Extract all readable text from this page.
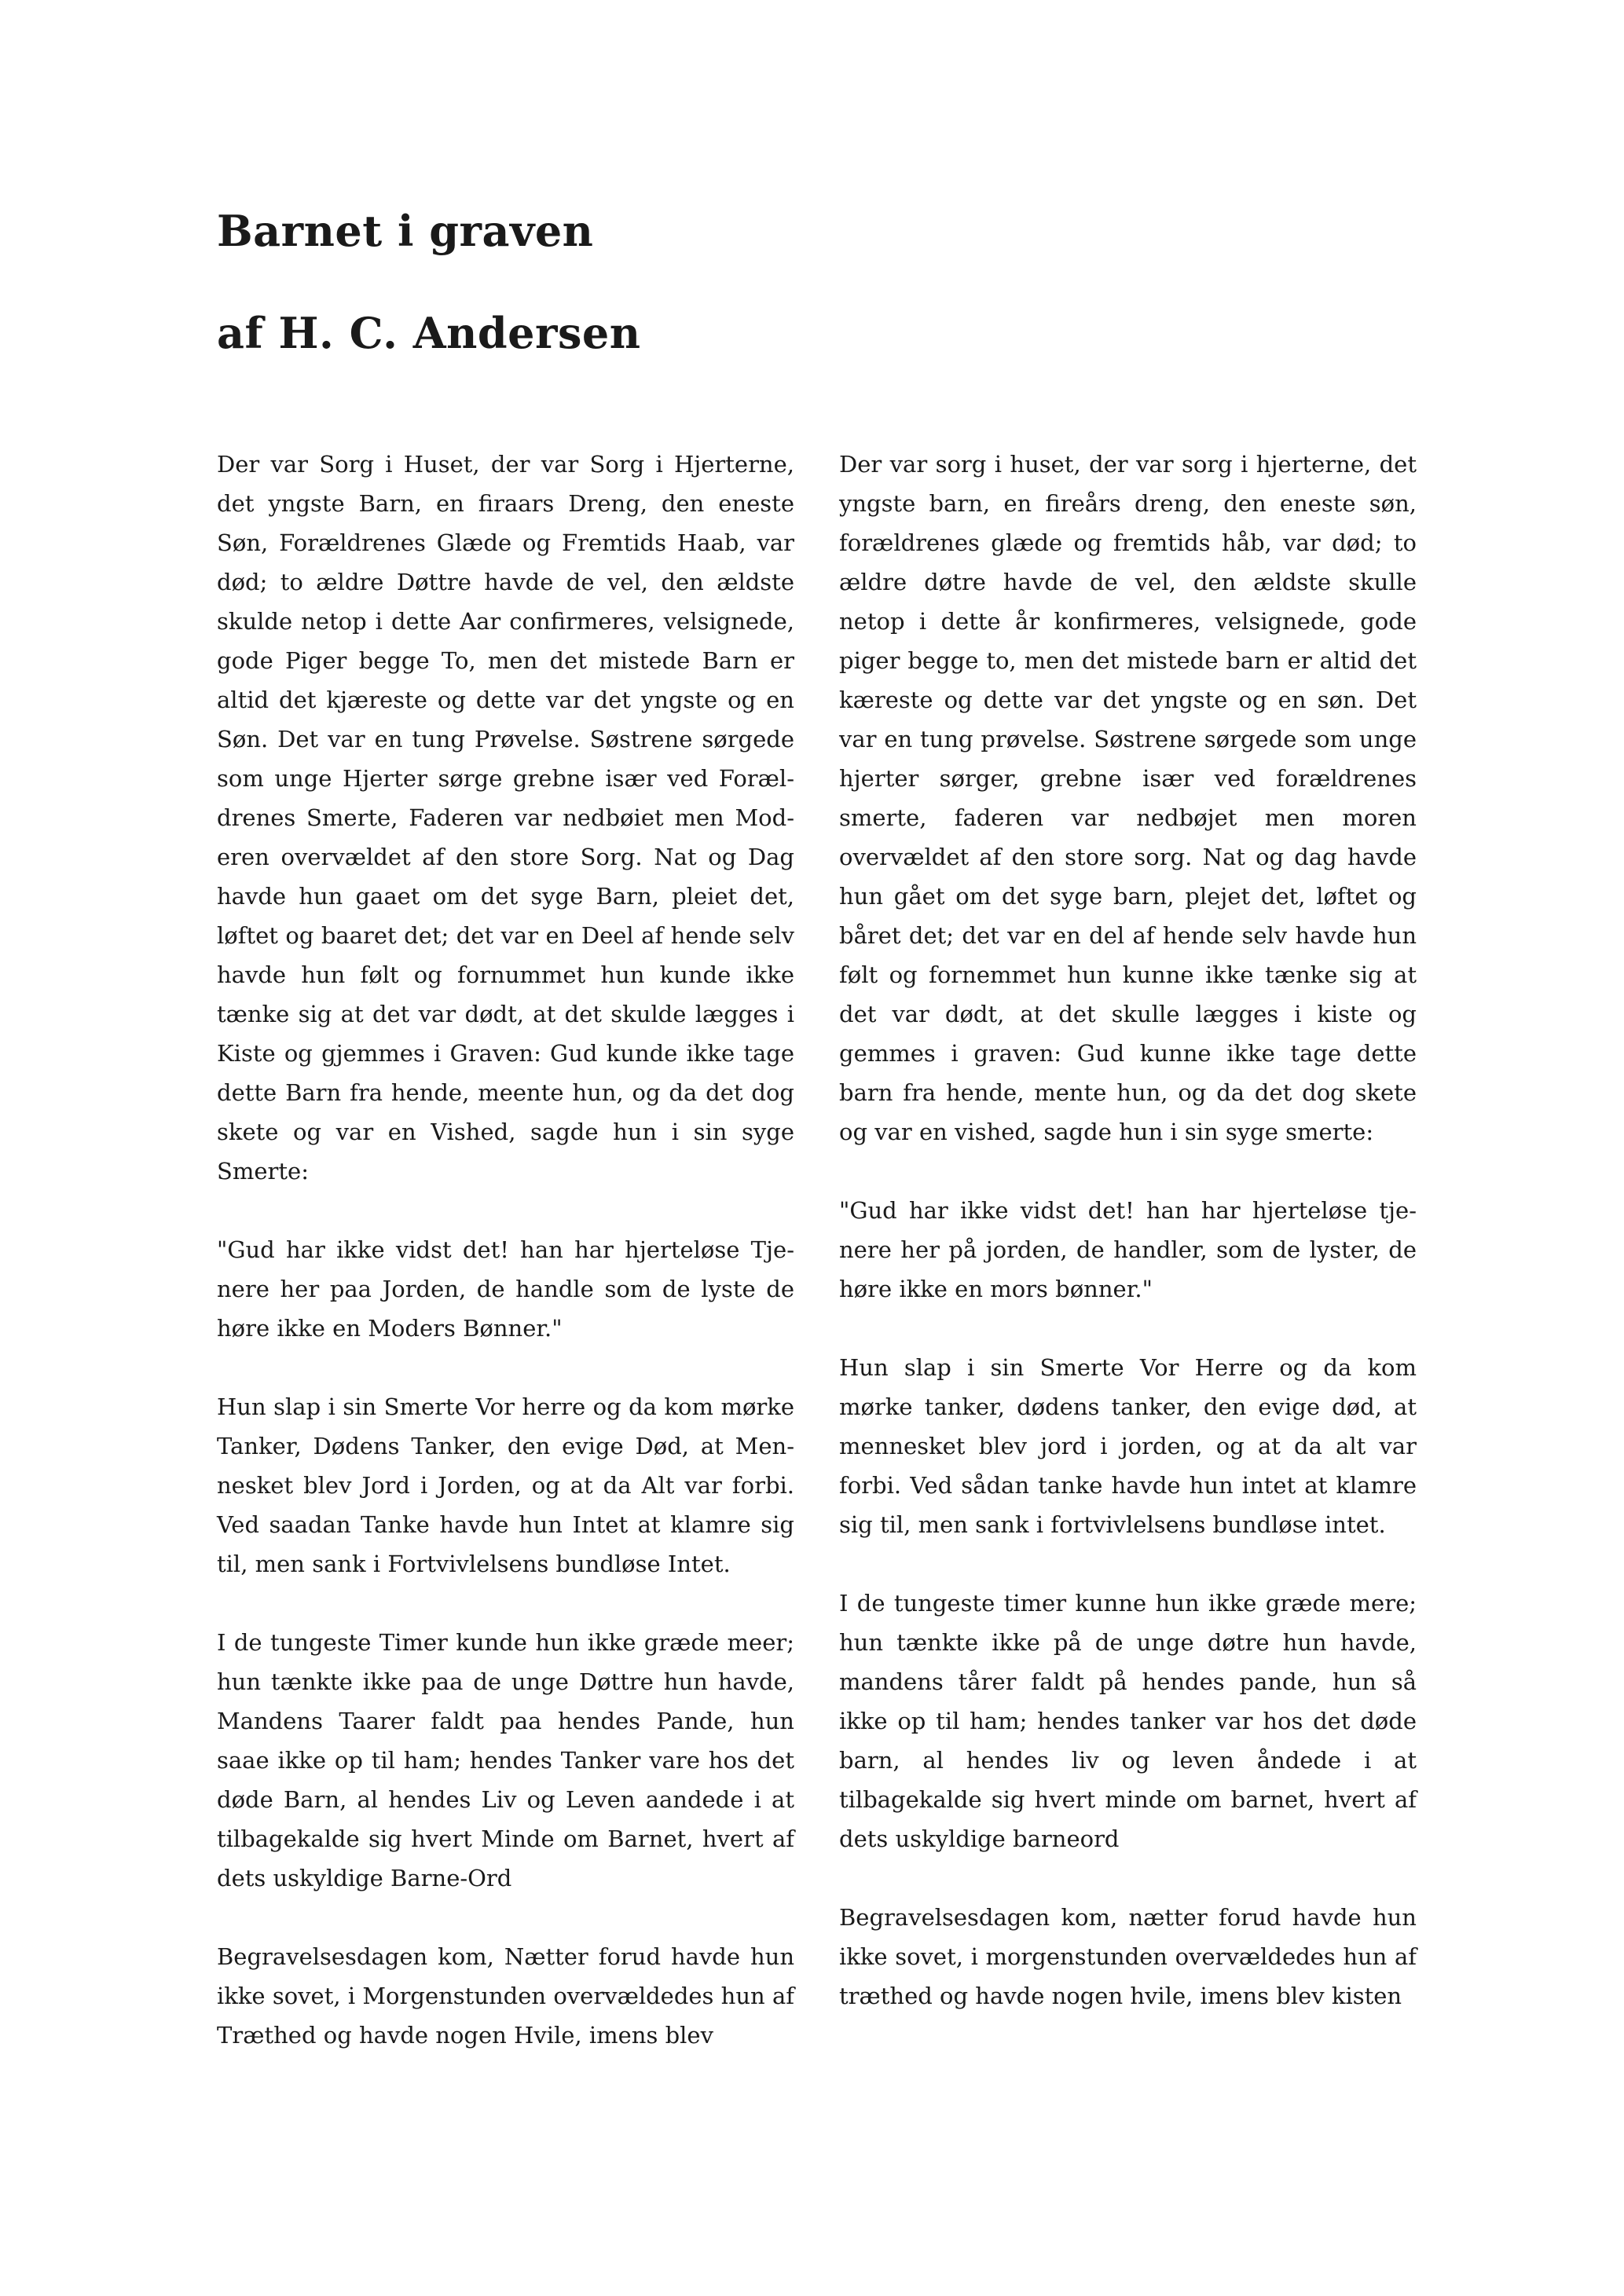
Barnet i graven
af H. C. Andersen

Der var Sorg i Huset, der var Sorg i Hjerterne, det yngste Barn, en firaars Dreng, den eneste Søn, Forældrenes Glæde og Fremtids Haab, var død; to ældre Døttre havde de vel, den ældste skulde netop i dette Aar confirmeres, velsignede, gode Piger begge To, men det mistede Barn er altid det kjæreste og dette var det yngste og en Søn. Det var en tung Prøvelse. Søstrene sørgede som unge Hjerter sørge grebne især ved Forældrenes Smerte, Faderen var nedbøiet men Moderen overvældet af den store Sorg. Nat og Dag havde hun gaaet om det syge Barn, pleiet det, løftet og baaret det; det var en Deel af hende selv havde hun følt og fornummet hun kunde ikke tænke sig at det var dødt, at det skulde lægges i Kiste og gjemmes i Graven: Gud kunde ikke tage dette Barn fra hende, meente hun, og da det dog skete og var en Vished, sagde hun i sin syge Smerte:

"Gud har ikke vidst det! han har hjerteløse Tjenere her paa Jorden, de handle som de lyste de høre ikke en Moders Bønner."

Hun slap i sin Smerte Vor herre og da kom mørke Tanker, Dødens Tanker, den evige Død, at Mennesket blev Jord i Jorden, og at da Alt var forbi. Ved saadan Tanke havde hun Intet at klamre sig til, men sank i Fortvivlelsens bundløse Intet.

I de tungeste Timer kunde hun ikke græde meer; hun tænkte ikke paa de unge Døttre hun havde, Mandens Taarer faldt paa hendes Pande, hun saae ikke op til ham; hendes Tanker vare hos det døde Barn, al hendes Liv og Leven aandede i at tilbagekalde sig hvert Minde om Barnet, hvert af dets uskyldige Barne-Ord

Begravelsesdagen kom, Nætter forud havde hun ikke sovet, i Morgenstunden overvældedes hun af Træthed og havde nogen Hvile, imens blev

Der var sorg i huset, der var sorg i hjerterne, det yngste barn, en fireårs dreng, den eneste søn, forældrenes glæde og fremtids håb, var død; to ældre døtre havde de vel, den ældste skulle netop i dette år konfirmeres, velsignede, gode piger begge to, men det mistede barn er altid det kæreste og dette var det yngste og en søn. Det var en tung prøvelse. Søstrene sørgede som unge hjerter sørger, grebne især ved forældrenes smerte, faderen var nedbøjet men moren overvældet af den store sorg. Nat og dag havde hun gået om det syge barn, plejet det, løftet og båret det; det var en del af hende selv havde hun følt og fornemmet hun kunne ikke tænke sig at det var dødt, at det skulle lægges i kiste og gemmes i graven: Gud kunne ikke tage dette barn fra hende, mente hun, og da det dog skete og var en vished, sagde hun i sin syge smerte:

"Gud har ikke vidst det! han har hjerteløse tjenere her på jorden, de handler, som de lyster, de høre ikke en mors bønner."

Hun slap i sin Smerte Vor Herre og da kom mørke tanker, dødens tanker, den evige død, at mennesket blev jord i jorden, og at da alt var forbi. Ved sådan tanke havde hun intet at klamre sig til, men sank i fortvivlelsens bundløse intet.

I de tungeste timer kunne hun ikke græde mere; hun tænkte ikke på de unge døtre hun havde, mandens tårer faldt på hendes pande, hun så ikke op til ham; hendes tanker var hos det døde barn, al hendes liv og leven åndede i at tilbagekalde sig hvert minde om barnet, hvert af dets uskyldige barneord

Begravelsesdagen kom, nætter forud havde hun ikke sovet, i morgenstunden overvældedes hun af træthed og havde nogen hvile, imens blev kisten
